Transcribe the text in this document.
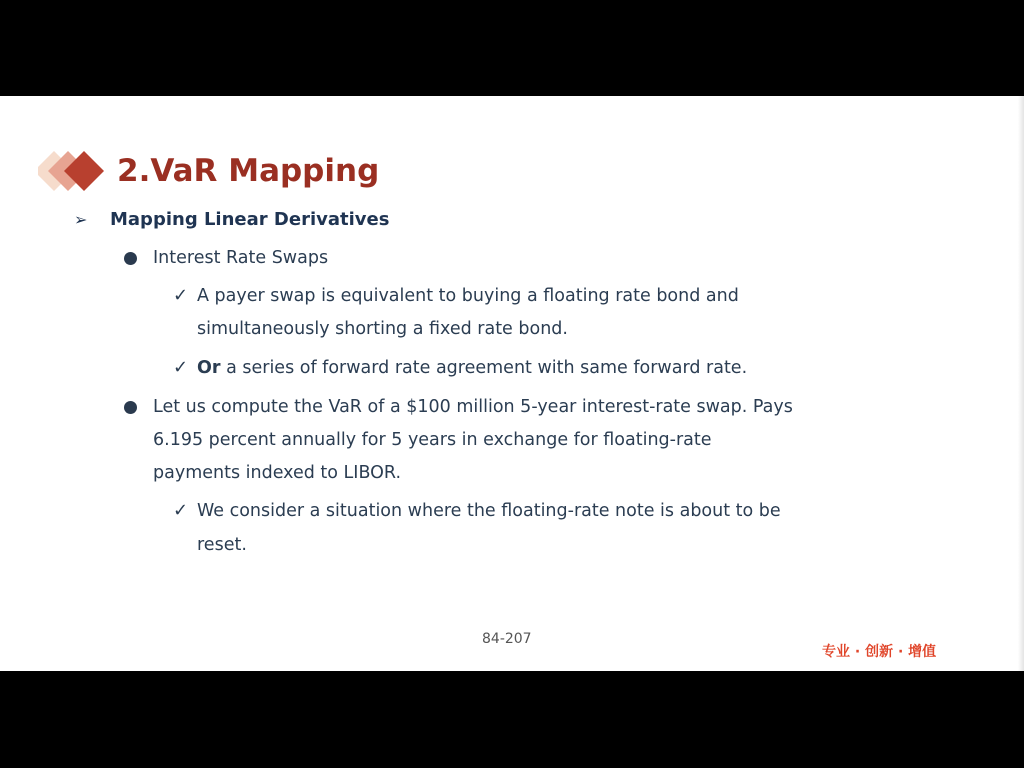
2.VaR Mapping
➢	Mapping Linear Derivatives
Interest Rate Swaps
✓ A payer swap is equivalent to buying a floating rate bond and
simultaneously shorting a fixed rate bond.
✓ Or a series of forward rate agreement with same forward rate.
Let us compute the VaR of a $100 million 5-year interest-rate swap. Pays
6.195 percent annually for 5 years in exchange for floating-rate
payments indexed to LIBOR.
✓ We consider a situation where the floating-rate note is about to be
reset.
84-207
专业 · 创新 · 增值
